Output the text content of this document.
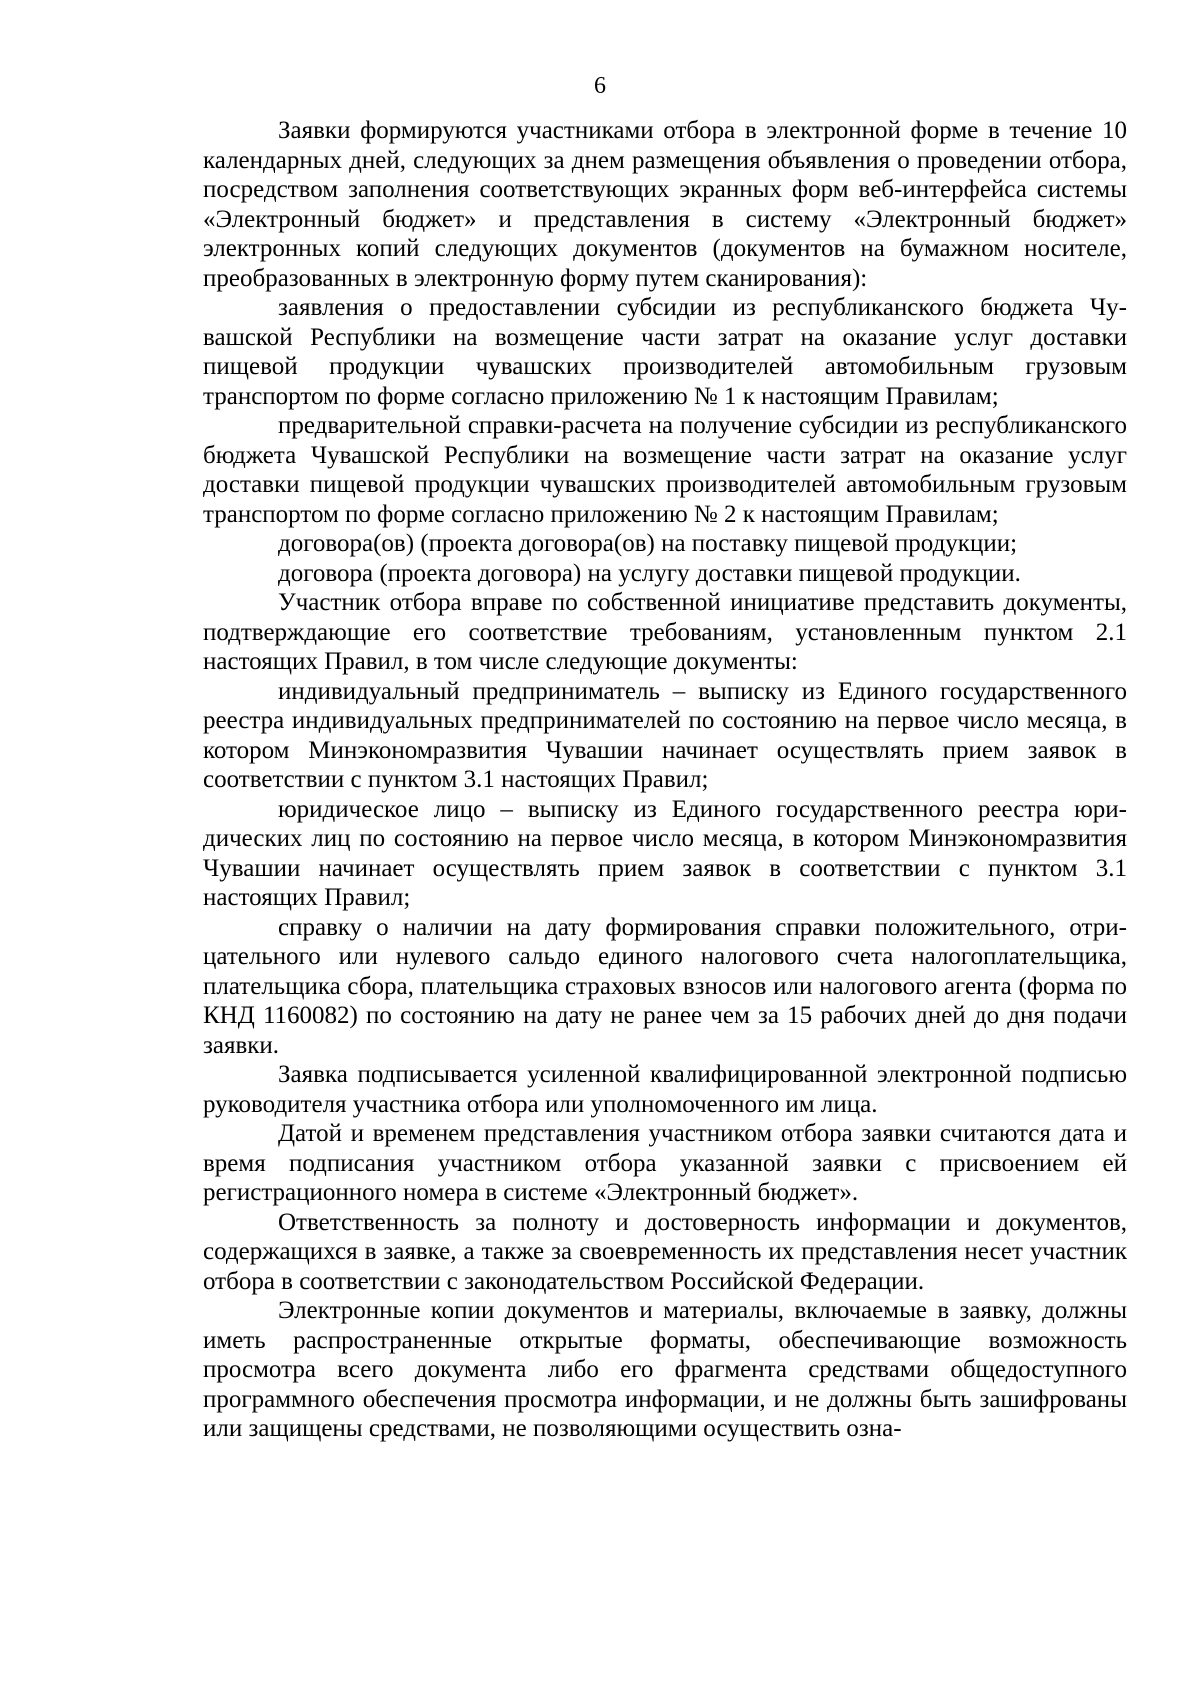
6

Заявки формируются участниками отбора в электронной форме в течение 10 календарных дней, следующих за днем размещения объявления о проведении отбора, посредством заполнения соответствующих экранных форм веб-интерфейса системы «Электронный бюджет» и представления в систему «Электронный бюджет» электронных копий следующих документов (документов на бумажном носителе, преобразованных в электронную форму путем сканирования):

заявления о предоставлении субсидии из республиканского бюджета Чувашской Республики на возмещение части затрат на оказание услуг доставки пищевой продукции чувашских производителей автомобильным грузовым транспортом по форме согласно приложению № 1 к настоящим Правилам;

предварительной справки-расчета на получение субсидии из республиканского бюджета Чувашской Республики на возмещение части затрат на оказание услуг доставки пищевой продукции чувашских производителей автомобильным грузовым транспортом по форме согласно приложению № 2 к настоящим Правилам;

договора(ов) (проекта договора(ов) на поставку пищевой продукции;

договора (проекта договора) на услугу доставки пищевой продукции.

Участник отбора вправе по собственной инициативе представить документы, подтверждающие его соответствие требованиям, установленным пунктом 2.1 настоящих Правил, в том числе следующие документы:

индивидуальный предприниматель – выписку из Единого государственного реестра индивидуальных предпринимателей по состоянию на первое число месяца, в котором Минэкономразвития Чувашии начинает осуществлять прием заявок в соответствии с пунктом 3.1 настоящих Правил;

юридическое лицо – выписку из Единого государственного реестра юридических лиц по состоянию на первое число месяца, в котором Минэкономразвития Чувашии начинает осуществлять прием заявок в соответствии с пунктом 3.1 настоящих Правил;

справку о наличии на дату формирования справки положительного, отрицательного или нулевого сальдо единого налогового счета налогоплательщика, плательщика сбора, плательщика страховых взносов или налогового агента (форма по КНД 1160082) по состоянию на дату не ранее чем за 15 рабочих дней до дня подачи заявки.

Заявка подписывается усиленной квалифицированной электронной подписью руководителя участника отбора или уполномоченного им лица.

Датой и временем представления участником отбора заявки считаются дата и время подписания участником отбора указанной заявки с присвоением ей регистрационного номера в системе «Электронный бюджет».

Ответственность за полноту и достоверность информации и документов, содержащихся в заявке, а также за своевременность их представления несет участник отбора в соответствии с законодательством Российской Федерации.

Электронные копии документов и материалы, включаемые в заявку, должны иметь распространенные открытые форматы, обеспечивающие возможность просмотра всего документа либо его фрагмента средствами общедоступного программного обеспечения просмотра информации, и не должны быть зашифрованы или защищены средствами, не позволяющими осуществить озна-
